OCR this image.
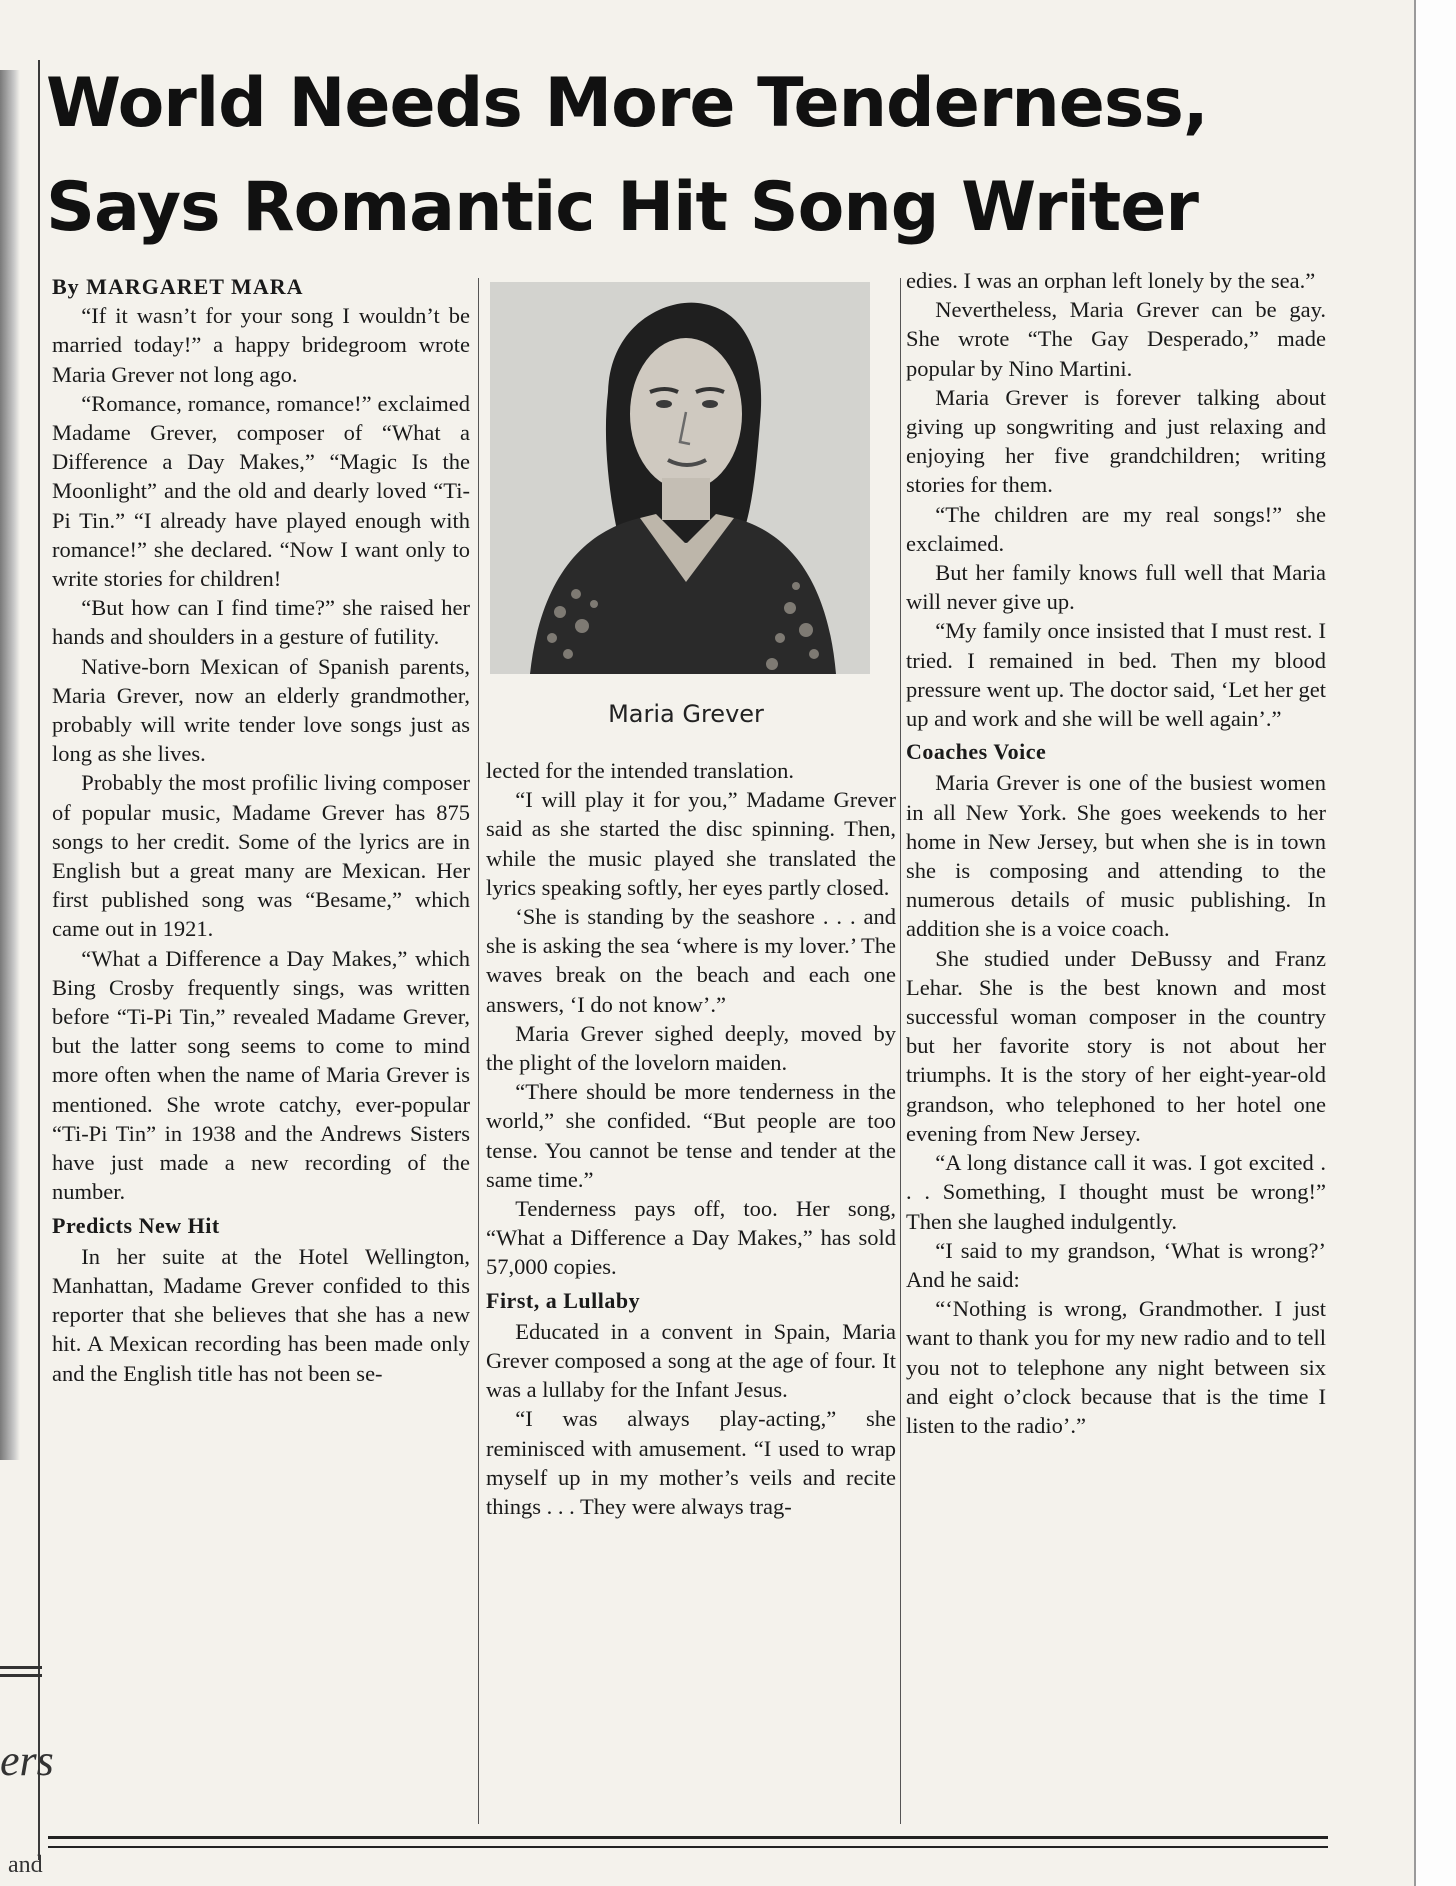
ers
and
World Needs More Tenderness,
Says Romantic Hit Song Writer

By MARGARET MARA

“If it wasn’t for your song I wouldn’t be married today!” a happy bridegroom wrote Maria Grever not long ago.

“Romance, romance, romance!” exclaimed Madame Grever, composer of “What a Difference a Day Makes,” “Magic Is the Moonlight” and the old and dearly loved “Ti-Pi Tin.” “I already have played enough with romance!” she declared. “Now I want only to write stories for children!

“But how can I find time?” she raised her hands and shoulders in a gesture of futility.

Native-born Mexican of Spanish parents, Maria Grever, now an elderly grandmother, probably will write tender love songs just as long as she lives.

Probably the most profilic living composer of popular music, Madame Grever has 875 songs to her credit. Some of the lyrics are in English but a great many are Mexican. Her first published song was “Besame,” which came out in 1921.

“What a Difference a Day Makes,” which Bing Crosby frequently sings, was written before “Ti-Pi Tin,” revealed Madame Grever, but the latter song seems to come to mind more often when the name of Maria Grever is mentioned. She wrote catchy, ever-popular “Ti-Pi Tin” in 1938 and the Andrews Sisters have just made a new recording of the number.

Predicts New Hit

In her suite at the Hotel Wellington, Manhattan, Madame Grever confided to this reporter that she believes that she has a new hit. A Mexican recording has been made only and the English title has not been se-

Maria Grever

lected for the intended translation.

“I will play it for you,” Madame Grever said as she started the disc spinning. Then, while the music played she translated the lyrics speaking softly, her eyes partly closed.

‘She is standing by the seashore . . . and she is asking the sea ‘where is my lover.’ The waves break on the beach and each one answers, ‘I do not know’.”

Maria Grever sighed deeply, moved by the plight of the lovelorn maiden.

“There should be more tenderness in the world,” she confided. “But people are too tense. You cannot be tense and tender at the same time.”

Tenderness pays off, too. Her song, “What a Difference a Day Makes,” has sold 57,000 copies.

First, a Lullaby

Educated in a convent in Spain, Maria Grever composed a song at the age of four. It was a lullaby for the Infant Jesus.

“I was always play-acting,” she reminisced with amusement. “I used to wrap myself up in my mother’s veils and recite things . . . They were always trag-

edies. I was an orphan left lonely by the sea.”

Nevertheless, Maria Grever can be gay. She wrote “The Gay Desperado,” made popular by Nino Martini.

Maria Grever is forever talking about giving up songwriting and just relaxing and enjoying her five grandchildren; writing stories for them.

“The children are my real songs!” she exclaimed.

But her family knows full well that Maria will never give up.

“My family once insisted that I must rest. I tried. I remained in bed. Then my blood pressure went up. The doctor said, ‘Let her get up and work and she will be well again’.”

Coaches Voice

Maria Grever is one of the busiest women in all New York. She goes weekends to her home in New Jersey, but when she is in town she is composing and attending to the numerous details of music publishing. In addition she is a voice coach.

She studied under DeBussy and Franz Lehar. She is the best known and most successful woman composer in the country but her favorite story is not about her triumphs. It is the story of her eight-year-old grandson, who telephoned to her hotel one evening from New Jersey.

“A long distance call it was. I got excited . . . Something, I thought must be wrong!” Then she laughed indulgently.

“I said to my grandson, ‘What is wrong?’ And he said:

“‘Nothing is wrong, Grandmother. I just want to thank you for my new radio and to tell you not to telephone any night between six and eight o’clock because that is the time I listen to the radio’.”
